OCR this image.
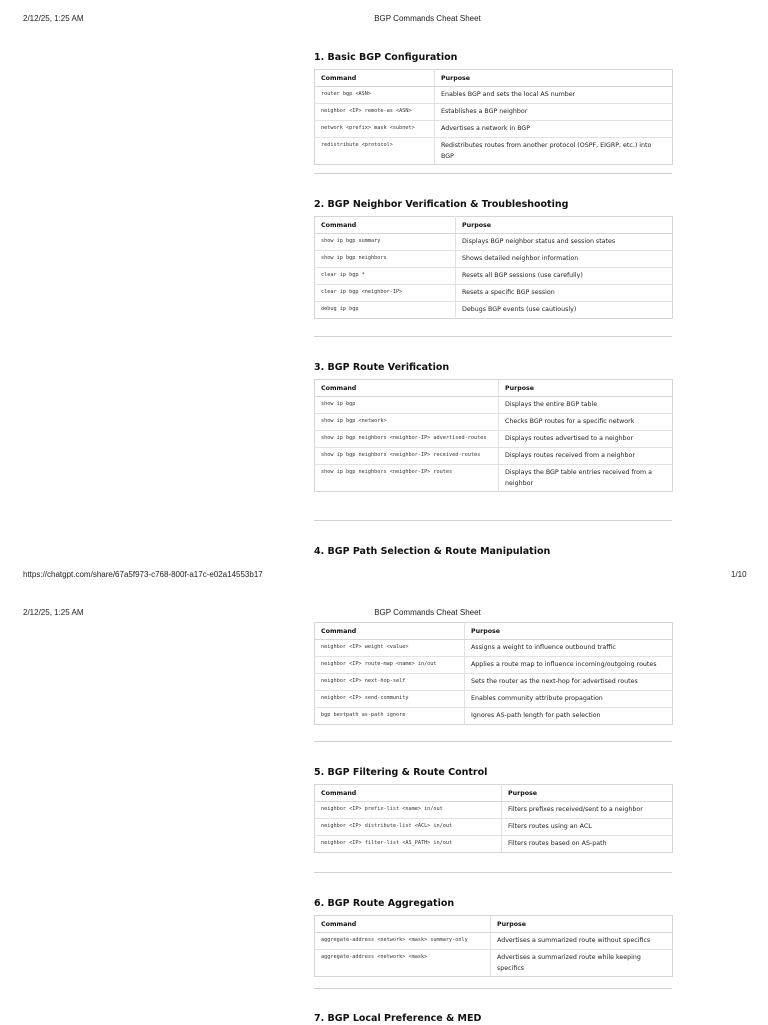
2/12/25, 1:25 AM	BGP Commands Cheat Sheet
1. Basic BGP Configuration
Command	Purpose
router bgp <ASN>	Enables BGP and sets the local AS number
neighbor <IP> remote-as <ASN>	Establishes a BGP neighbor
network <prefix> mask <subnet>	Advertises a network in BGP
redistribute <protocol>	Redistributes routes from another protocol (OSPF, EIGRP, etc.) into BGP
2. BGP Neighbor Verification & Troubleshooting
Command	Purpose
show ip bgp summary	Displays BGP neighbor status and session states
show ip bgp neighbors	Shows detailed neighbor information
clear ip bgp *	Resets all BGP sessions (use carefully)
clear ip bgp <neighbor-IP>	Resets a specific BGP session
debug ip bgp	Debugs BGP events (use cautiously)
3. BGP Route Verification
Command	Purpose
show ip bgp	Displays the entire BGP table
show ip bgp <network>	Checks BGP routes for a specific network
show ip bgp neighbors <neighbor-IP> advertised-routes	Displays routes advertised to a neighbor
show ip bgp neighbors <neighbor-IP> received-routes	Displays routes received from a neighbor
show ip bgp neighbors <neighbor-IP> routes	Displays the BGP table entries received from a neighbor
4. BGP Path Selection & Route Manipulation
https://chatgpt.com/share/67a5f973-c768-800f-a17c-e02a14553b17	1/10
2/12/25, 1:25 AM	BGP Commands Cheat Sheet
Command	Purpose
neighbor <IP> weight <value>	Assigns a weight to influence outbound traffic
neighbor <IP> route-map <name> in/out	Applies a route map to influence incoming/outgoing routes
neighbor <IP> next-hop-self	Sets the router as the next-hop for advertised routes
neighbor <IP> send-community	Enables community attribute propagation
bgp bestpath as-path ignore	Ignores AS-path length for path selection
5. BGP Filtering & Route Control
Command	Purpose
neighbor <IP> prefix-list <name> in/out	Filters prefixes received/sent to a neighbor
neighbor <IP> distribute-list <ACL> in/out	Filters routes using an ACL
neighbor <IP> filter-list <AS_PATH> in/out	Filters routes based on AS-path
6. BGP Route Aggregation
Command	Purpose
aggregate-address <network> <mask> summary-only	Advertises a summarized route without specifics
aggregate-address <network> <mask>	Advertises a summarized route while keeping specifics
7. BGP Local Preference & MED
